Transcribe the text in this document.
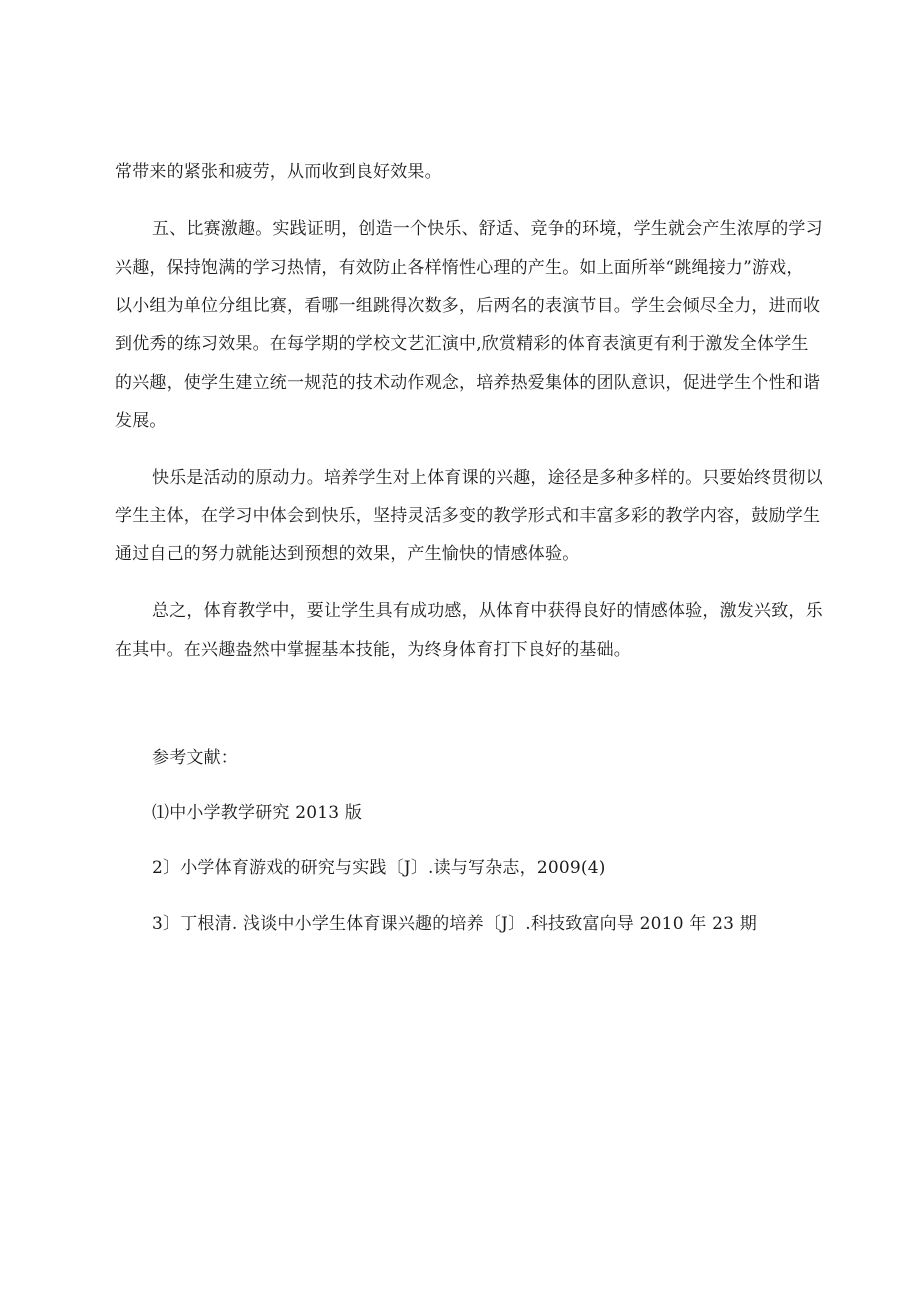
常带来的紧张和疲劳，从而收到良好效果。
五、比赛激趣。实践证明，创造一个快乐、舒适、竞争的环境，学生就会产生浓厚的学习
兴趣，保持饱满的学习热情，有效防止各样惰性心理的产生。如上面所举“跳绳接力”游戏，
以小组为单位分组比赛，看哪一组跳得次数多，后两名的表演节目。学生会倾尽全力，进而收
到优秀的练习效果。在每学期的学校文艺汇演中,欣赏精彩的体育表演更有利于激发全体学生
的兴趣，使学生建立统一规范的技术动作观念，培养热爱集体的团队意识，促进学生个性和谐
发展。
快乐是活动的原动力。培养学生对上体育课的兴趣，途径是多种多样的。只要始终贯彻以
学生主体，在学习中体会到快乐，坚持灵活多变的教学形式和丰富多彩的教学内容，鼓励学生
通过自己的努力就能达到预想的效果，产生愉快的情感体验。
总之，体育教学中，要让学生具有成功感，从体育中获得良好的情感体验，激发兴致，乐
在其中。在兴趣盎然中掌握基本技能，为终身体育打下良好的基础。
参考文献：
⑴中小学教学研究 2013 版
2〕小学体育游戏的研究与实践〔J〕.读与写杂志，2009(4)
3〕丁根清. 浅谈中小学生体育课兴趣的培养〔J〕.科技致富向导 2010 年 23 期
